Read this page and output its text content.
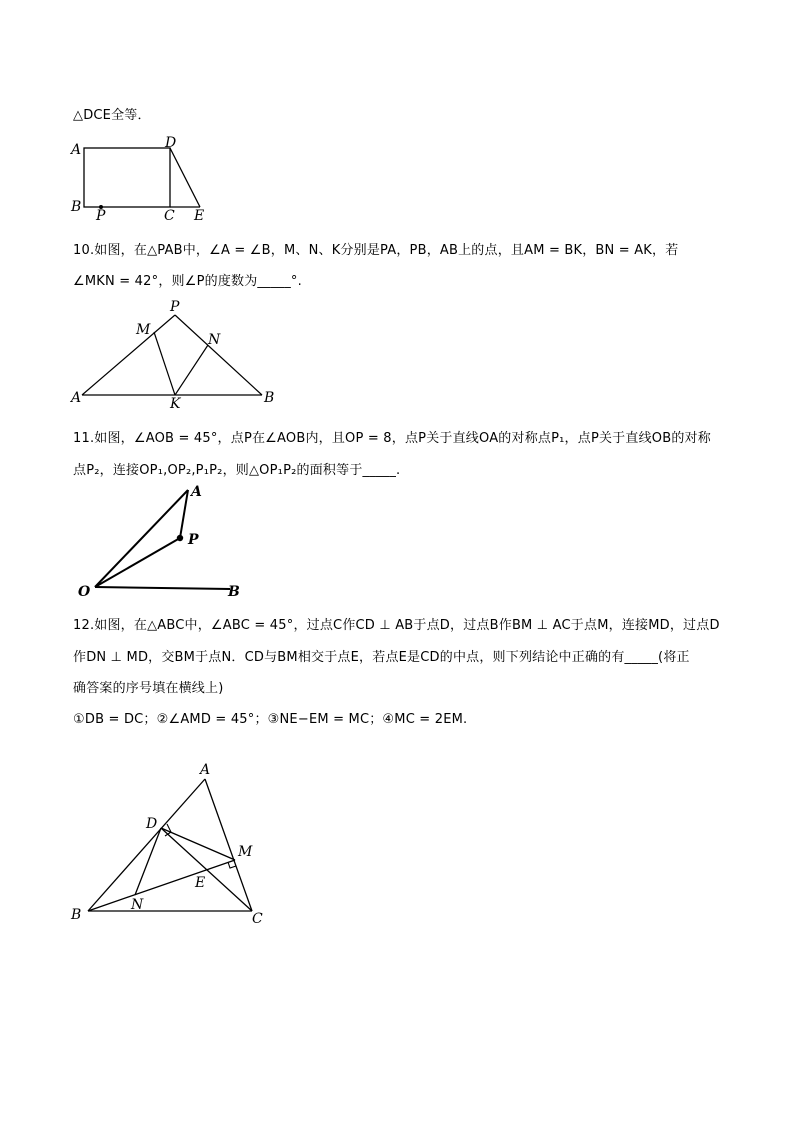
△DCE全等．
A
B
D
C E
P
10.如图，在△PAB中，∠A = ∠B，M、N、K分别是PA，PB，AB上的点，且AM = BK，BN = AK，若
∠MKN = 42°，则∠P的度数为_____°.
P
M
N
A	K	B
11.如图，∠AOB = 45°，点P在∠AOB内，且OP = 8，点P关于直线OA的对称点P₁，点P关于直线OB的对称
点P₂，连接OP₁,OP₂,P₁P₂，则△OP₁P₂的面积等于_____.
A
P
O	B
12.如图，在△ABC中，∠ABC = 45°，过点C作CD ⊥ AB于点D，过点B作BM ⊥ AC于点M，连接MD，过点D
作DN ⊥ MD，交BM于点N．CD与BM相交于点E，若点E是CD的中点，则下列结论中正确的有_____(将正
确答案的序号填在横线上)
①DB = DC；②∠AMD = 45°；③NE−EM = MC；④MC = 2EM.
A
D
M
E
B
N
C
